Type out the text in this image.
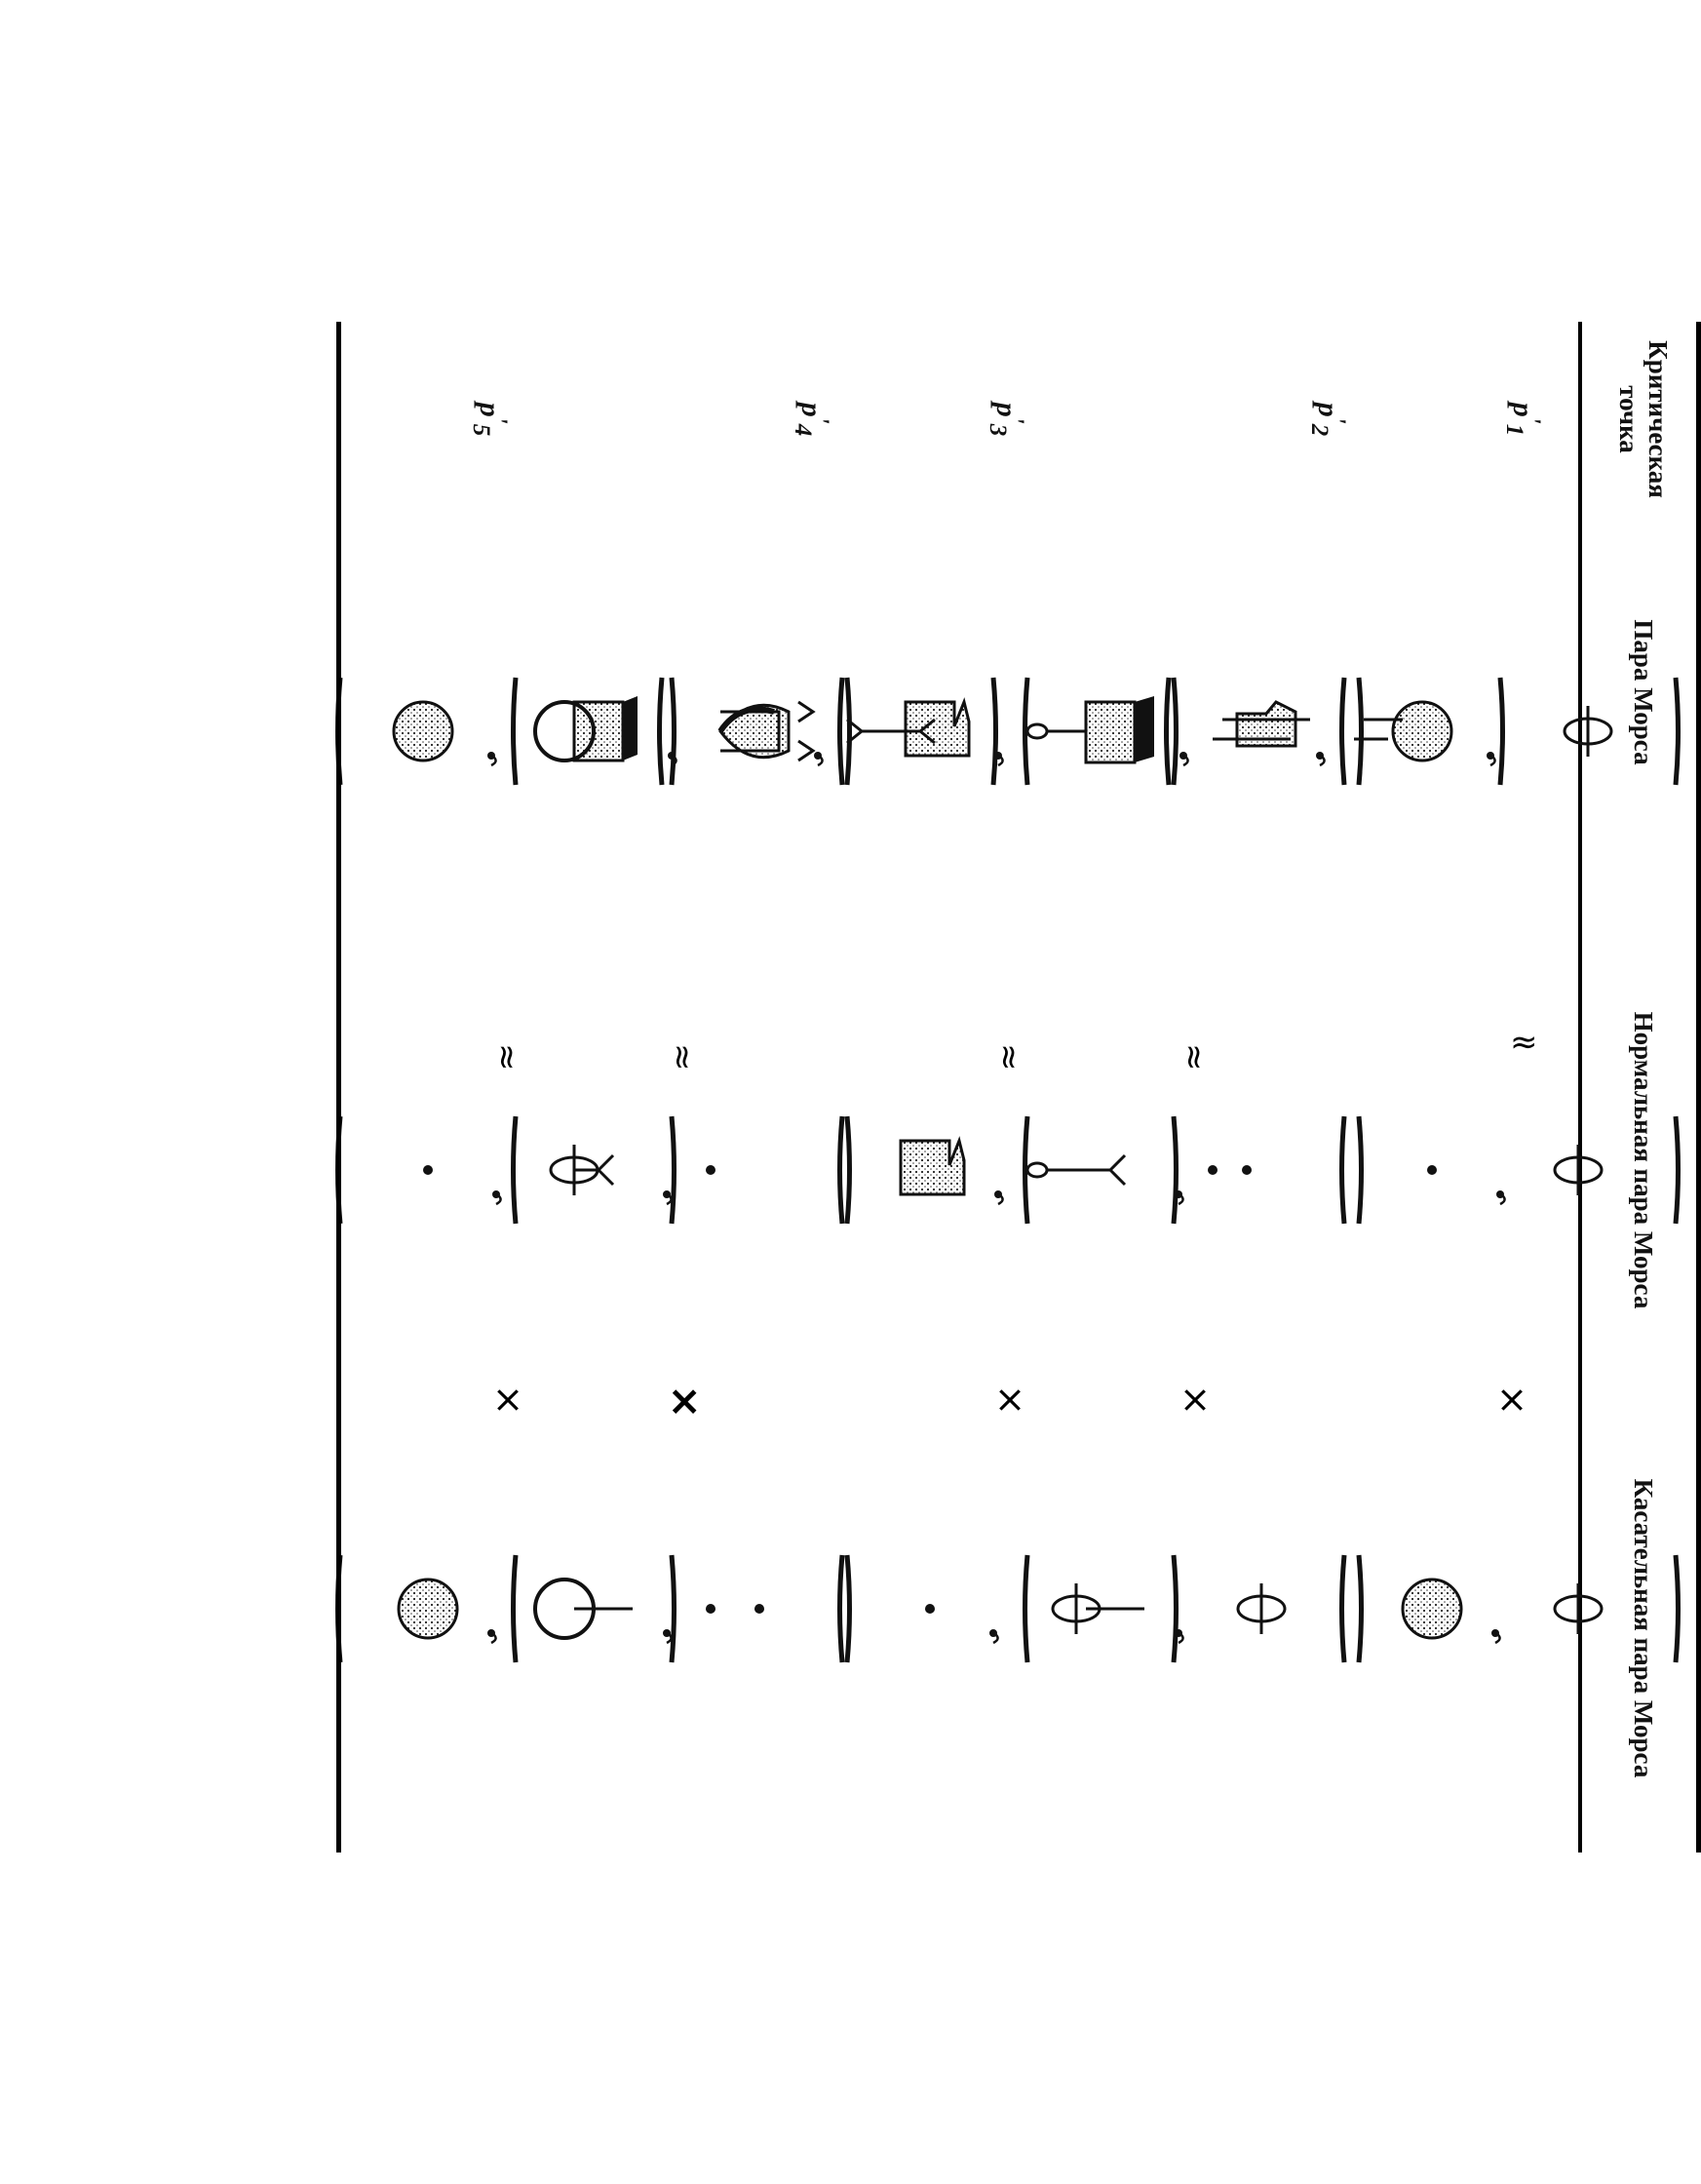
Критическая точка
Пара Морса
Нормальная пара Морса
Касательная пара Морса
$p^ʹ_1$
$p^ʹ_2$
$p^ʹ_3$
$p^ʹ_4$
$p^ʹ_5$
≈
×
≈
×
≈
×
≈
×
≈
×
